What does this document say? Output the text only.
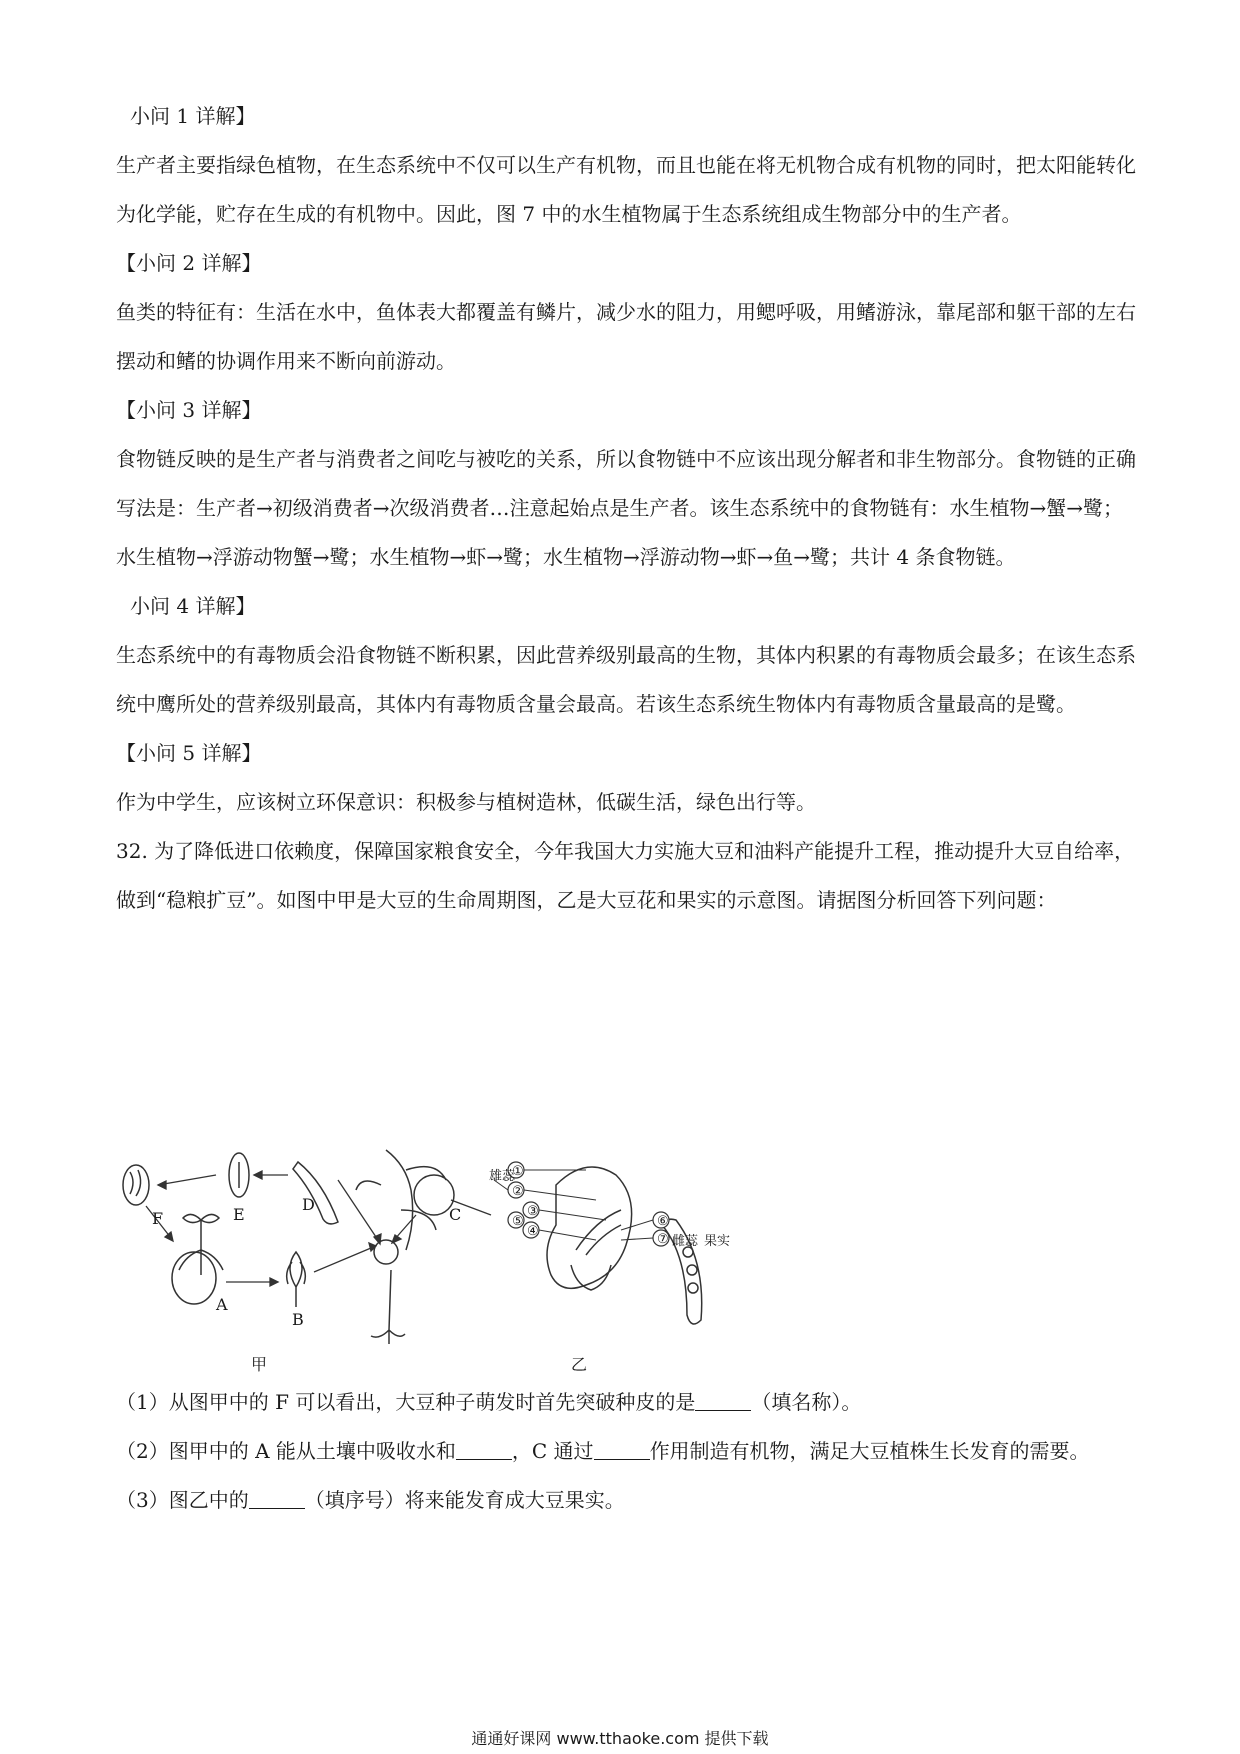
小问 1 详解】

生产者主要指绿色植物，在生态系统中不仅可以生产有机物，而且也能在将无机物合成有机物的同时，把太阳能转化为化学能，贮存在生成的有机物中。因此，图 7 中的水生植物属于生态系统组成生物部分中的生产者。

【小问 2 详解】

鱼类的特征有：生活在水中，鱼体表大都覆盖有鳞片，减少水的阻力，用鳃呼吸，用鳍游泳，靠尾部和躯干部的左右摆动和鳍的协调作用来不断向前游动。

【小问 3 详解】

食物链反映的是生产者与消费者之间吃与被吃的关系，所以食物链中不应该出现分解者和非生物部分。食物链的正确写法是：生产者→初级消费者→次级消费者…注意起始点是生产者。该生态系统中的食物链有：水生植物→蟹→鹭；水生植物→浮游动物蟹→鹭；水生植物→虾→鹭；水生植物→浮游动物→虾→鱼→鹭；共计 4 条食物链。

小问 4 详解】

生态系统中的有毒物质会沿食物链不断积累，因此营养级别最高的生物，其体内积累的有毒物质会最多；在该生态系统中鹰所处的营养级别最高，其体内有毒物质含量会最高。若该生态系统生物体内有毒物质含量最高的是鹭。

【小问 5 详解】

作为中学生，应该树立环保意识：积极参与植树造林，低碳生活，绿色出行等。

32. 为了降低进口依赖度，保障国家粮食安全，今年我国大力实施大豆和油料产能提升工程，推动提升大豆自给率，做到“稳粮扩豆”。如图中甲是大豆的生命周期图，乙是大豆花和果实的示意图。请据图分析回答下列问题：

①
②
③
④
⑤	⑥
⑦
F	E
D
C
A
B
雄蕊
雌蕊 果实
甲	乙

（1）从图甲中的 F 可以看出，大豆种子萌发时首先突破种皮的是	（填名称）。

（2）图甲中的 A 能从土壤中吸收水和	，C 通过	作用制造有机物，满足大豆植株生长发育的需要。

（3）图乙中的	（填序号）将来能发育成大豆果实。

通通好课网 www.tthaoke.com 提供下载
